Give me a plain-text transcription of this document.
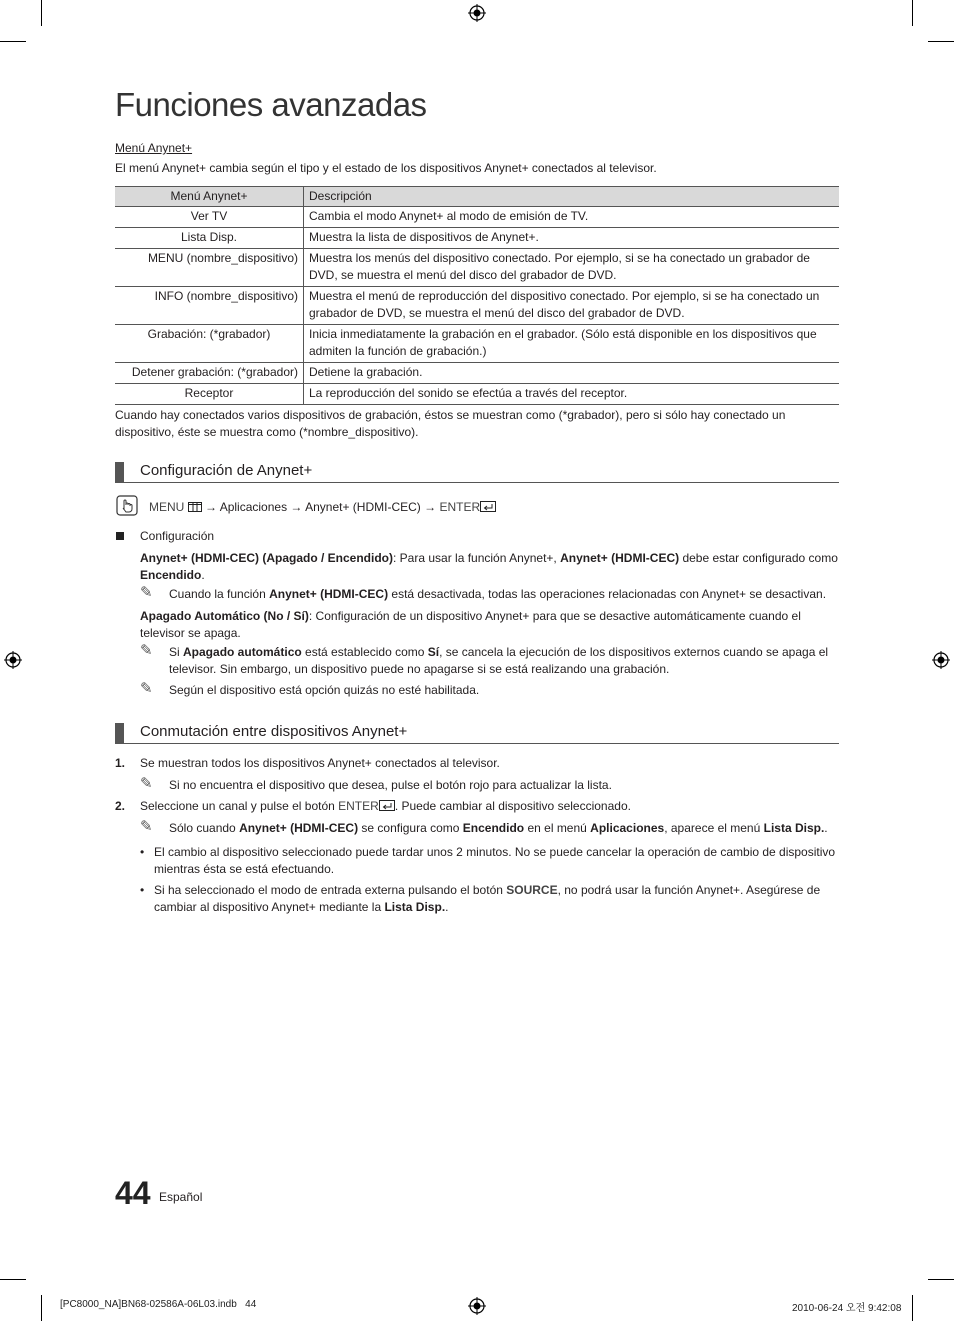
Funciones avanzadas
Menú Anynet+
El menú Anynet+ cambia según el tipo y el estado de los dispositivos Anynet+ conectados al televisor.
Menú Anynet+	Descripción
Ver TV	Cambia el modo Anynet+ al modo de emisión de TV.
Lista Disp.	Muestra la lista de dispositivos de Anynet+.
MENU (nombre_dispositivo)	Muestra los menús del dispositivo conectado. Por ejemplo, si se ha conectado un grabador de DVD, se muestra el menú del disco del grabador de DVD.
INFO (nombre_dispositivo)	Muestra el menú de reproducción del dispositivo conectado. Por ejemplo, si se ha conectado un grabador de DVD, se muestra el menú del disco del grabador de DVD.
Grabación: (*grabador)	Inicia inmediatamente la grabación en el grabador. (Sólo está disponible en los dispositivos que admiten la función de grabación.)
Detener grabación: (*grabador)	Detiene la grabación.
Receptor	La reproducción del sonido se efectúa a través del receptor.
Cuando hay conectados varios dispositivos de grabación, éstos se muestran como (*grabador), pero si sólo hay conectado un dispositivo, éste se muestra como (*nombre_dispositivo).
Configuración de Anynet+
MENU → Aplicaciones → Anynet+ (HDMI-CEC) → ENTER
Configuración
Anynet+ (HDMI-CEC) (Apagado / Encendido): Para usar la función Anynet+, Anynet+ (HDMI-CEC) debe estar configurado como Encendido.
✎ Cuando la función Anynet+ (HDMI-CEC) está desactivada, todas las operaciones relacionadas con Anynet+ se desactivan.
Apagado Automático (No / Sí): Configuración de un dispositivo Anynet+ para que se desactive automáticamente cuando el televisor se apaga.
✎ Si Apagado automático está establecido como Sí, se cancela la ejecución de los dispositivos externos cuando se apaga el televisor. Sin embargo, un dispositivo puede no apagarse si se está realizando una grabación.
✎ Según el dispositivo está opción quizás no esté habilitada.
Conmutación entre dispositivos Anynet+
1. Se muestran todos los dispositivos Anynet+ conectados al televisor.
✎ Si no encuentra el dispositivo que desea, pulse el botón rojo para actualizar la lista.
2. Seleccione un canal y pulse el botón ENTER . Puede cambiar al dispositivo seleccionado.
✎ Sólo cuando Anynet+ (HDMI-CEC) se configura como Encendido en el menú Aplicaciones, aparece el menú Lista Disp..
• El cambio al dispositivo seleccionado puede tardar unos 2 minutos. No se puede cancelar la operación de cambio de dispositivo mientras ésta se está efectuando.
• Si ha seleccionado el modo de entrada externa pulsando el botón SOURCE, no podrá usar la función Anynet+. Asegúrese de cambiar al dispositivo Anynet+ mediante la Lista Disp..
44 Español
[PC8000_NA]BN68-02586A-06L03.indb 44	2010-06-24 오전 9:42:08
